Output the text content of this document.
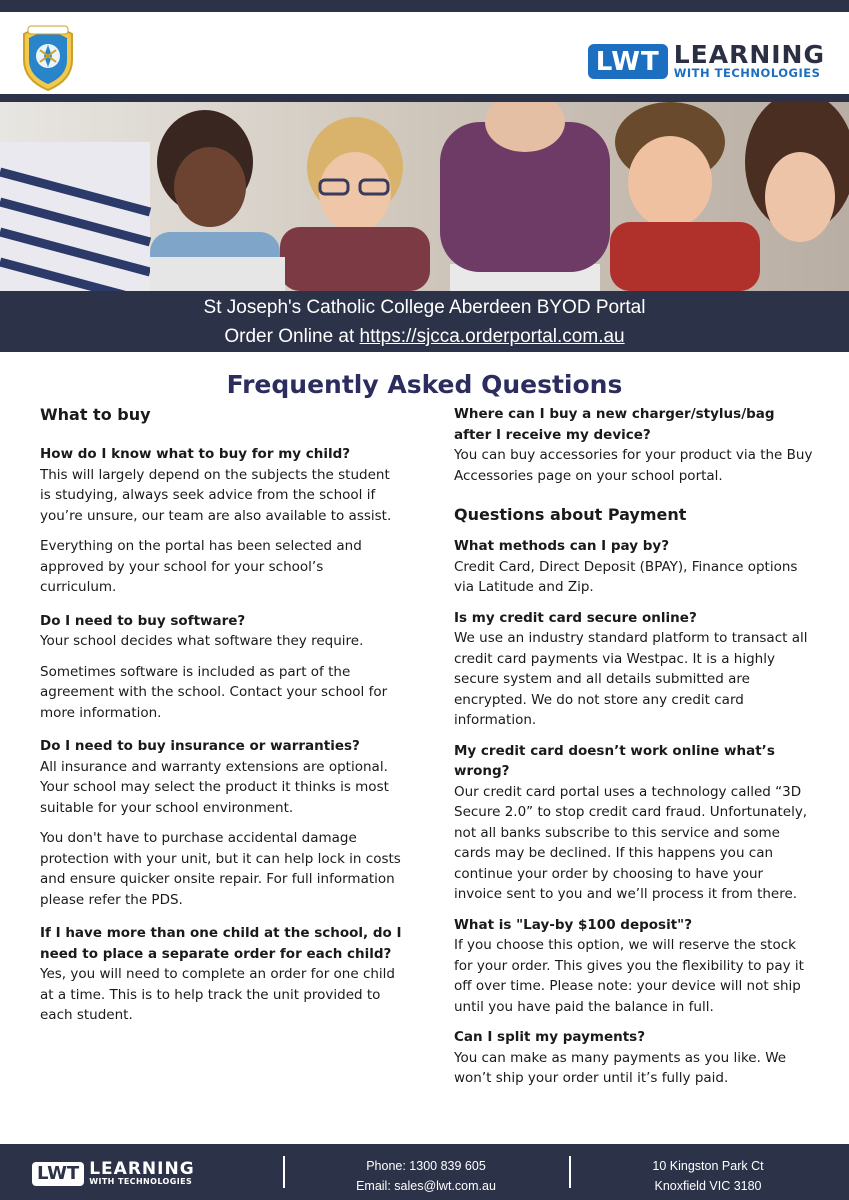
LWT LEARNING
WITH TECHNOLOGIES
St Joseph's Catholic College Aberdeen BYOD Portal
Order Online at https://sjcca.orderportal.com.au
Frequently Asked Questions
What to buy
How do I know what to buy for my child?
This will largely depend on the subjects the student is studying, always seek advice from the school if you’re unsure, our team are also available to assist.
Everything on the portal has been selected and approved by your school for your school’s curriculum.
Do I need to buy software?
Your school decides what software they require.
Sometimes software is included as part of the agreement with the school. Contact your school for more information.
Do I need to buy insurance or warranties?
All insurance and warranty extensions are optional. Your school may select the product it thinks is most suitable for your school environment.
You don't have to purchase accidental damage protection with your unit, but it can help lock in costs and ensure quicker onsite repair. For full information please refer the PDS.
If I have more than one child at the school, do I need to place a separate order for each child?
Yes, you will need to complete an order for one child at a time. This is to help track the unit provided to each student.
Where can I buy a new charger/stylus/bag after I receive my device?
You can buy accessories for your product via the Buy Accessories page on your school portal.
Questions about Payment
What methods can I pay by?
Credit Card, Direct Deposit (BPAY), Finance options via Latitude and Zip.
Is my credit card secure online?
We use an industry standard platform to transact all credit card payments via Westpac. It is a highly secure system and all details submitted are encrypted. We do not store any credit card information.
My credit card doesn’t work online what’s wrong?
Our credit card portal uses a technology called “3D Secure 2.0” to stop credit card fraud. Unfortunately, not all banks subscribe to this service and some cards may be declined. If this happens you can continue your order by choosing to have your invoice sent to you and we’ll process it from there.
What is "Lay-by $100 deposit"?
If you choose this option, we will reserve the stock for your order. This gives you the flexibility to pay it off over time. Please note: your device will not ship until you have paid the balance in full.
Can I split my payments?
You can make as many payments as you like. We won’t ship your order until it’s fully paid.
LWT LEARNING
WITH TECHNOLOGIES
Phone: 1300 839 605
Email: sales@lwt.com.au
10 Kingston Park Ct
Knoxfield VIC 3180
